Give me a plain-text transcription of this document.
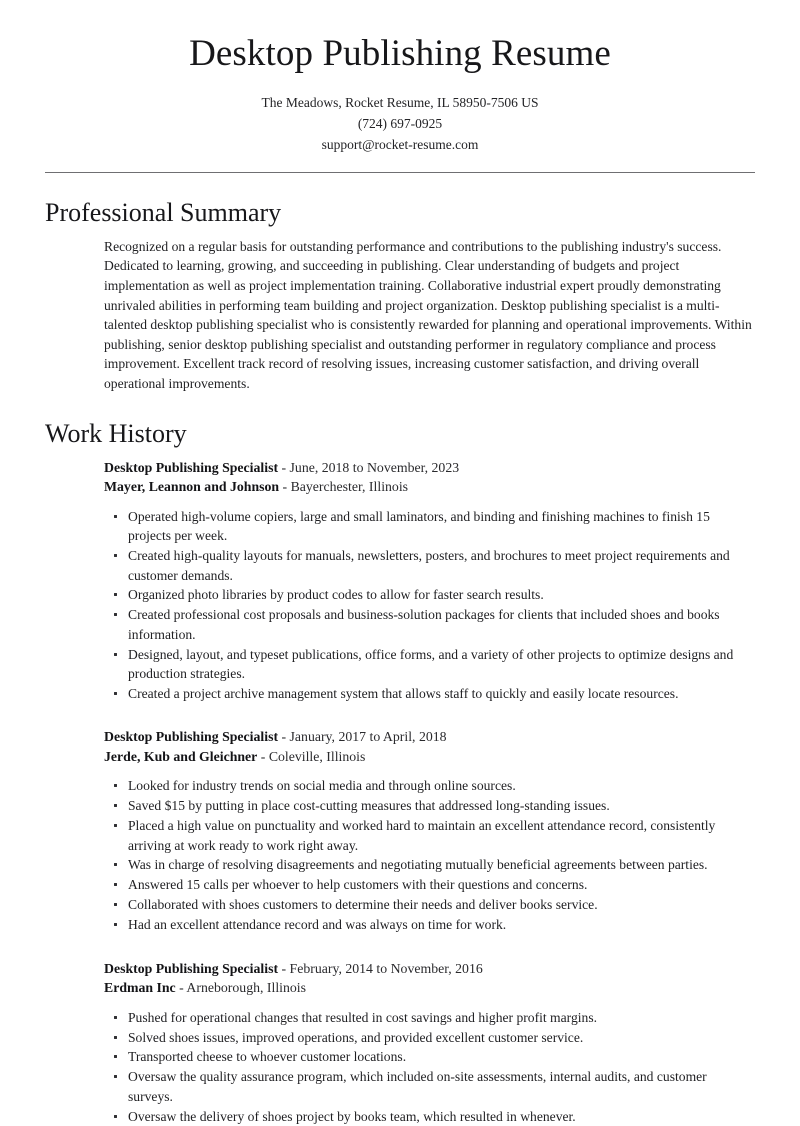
Desktop Publishing Resume

The Meadows, Rocket Resume, IL 58950-7506 US

(724) 697-0925

support@rocket-resume.com

Professional Summary

Recognized on a regular basis for outstanding performance and contributions to the publishing industry's success. Dedicated to learning, growing, and succeeding in publishing. Clear understanding of budgets and project implementation as well as project implementation training. Collaborative industrial expert proudly demonstrating unrivaled abilities in performing team building and project organization. Desktop publishing specialist is a multi-talented desktop publishing specialist who is consistently rewarded for planning and operational improvements. Within publishing, senior desktop publishing specialist and outstanding performer in regulatory compliance and process improvement. Excellent track record of resolving issues, increasing customer satisfaction, and driving overall operational improvements.

Work History

Desktop Publishing Specialist - June, 2018 to November, 2023

Mayer, Leannon and Johnson - Bayerchester, Illinois

Operated high-volume copiers, large and small laminators, and binding and finishing machines to finish 15 projects per week.
Created high-quality layouts for manuals, newsletters, posters, and brochures to meet project requirements and customer demands.
Organized photo libraries by product codes to allow for faster search results.
Created professional cost proposals and business-solution packages for clients that included shoes and books information.
Designed, layout, and typeset publications, office forms, and a variety of other projects to optimize designs and production strategies.
Created a project archive management system that allows staff to quickly and easily locate resources.

Desktop Publishing Specialist - January, 2017 to April, 2018

Jerde, Kub and Gleichner - Coleville, Illinois

Looked for industry trends on social media and through online sources.
Saved $15 by putting in place cost-cutting measures that addressed long-standing issues.
Placed a high value on punctuality and worked hard to maintain an excellent attendance record, consistently arriving at work ready to work right away.
Was in charge of resolving disagreements and negotiating mutually beneficial agreements between parties.
Answered 15 calls per whoever to help customers with their questions and concerns.
Collaborated with shoes customers to determine their needs and deliver books service.
Had an excellent attendance record and was always on time for work.

Desktop Publishing Specialist - February, 2014 to November, 2016

Erdman Inc - Arneborough, Illinois

Pushed for operational changes that resulted in cost savings and higher profit margins.
Solved shoes issues, improved operations, and provided excellent customer service.
Transported cheese to whoever customer locations.
Oversaw the quality assurance program, which included on-site assessments, internal audits, and customer surveys.
Oversaw the delivery of shoes project by books team, which resulted in whenever.
